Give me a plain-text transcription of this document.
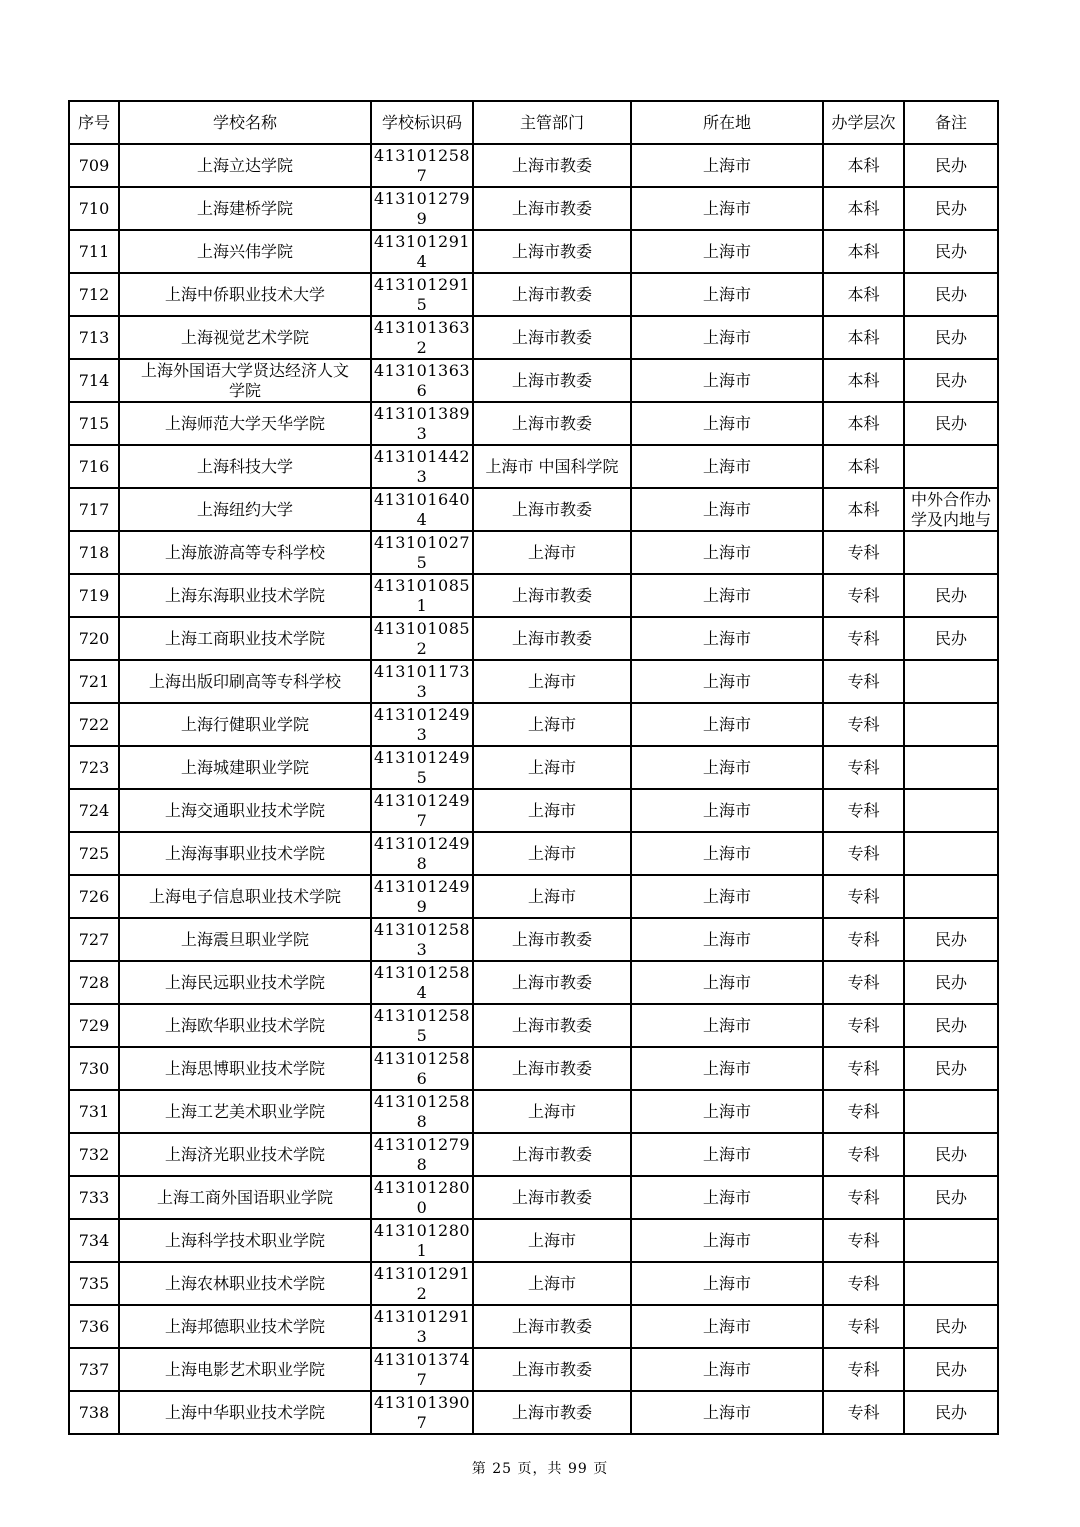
序号	学校名称	学校标识码	主管部门	所在地	办学层次	备注
709	上海立达学院	4131012587	上海市教委	上海市	本科	民办
710	上海建桥学院	4131012799	上海市教委	上海市	本科	民办
711	上海兴伟学院	4131012914	上海市教委	上海市	本科	民办
712	上海中侨职业技术大学	4131012915	上海市教委	上海市	本科	民办
713	上海视觉艺术学院	4131013632	上海市教委	上海市	本科	民办
714	上海外国语大学贤达经济人文学院	4131013636	上海市教委	上海市	本科	民办
715	上海师范大学天华学院	4131013893	上海市教委	上海市	本科	民办
716	上海科技大学	4131014423	上海市 中国科学院	上海市	本科	
717	上海纽约大学	4131016404	上海市教委	上海市	本科	中外合作办学及内地与
718	上海旅游高等专科学校	4131010275	上海市	上海市	专科	
719	上海东海职业技术学院	4131010851	上海市教委	上海市	专科	民办
720	上海工商职业技术学院	4131010852	上海市教委	上海市	专科	民办
721	上海出版印刷高等专科学校	4131011733	上海市	上海市	专科	
722	上海行健职业学院	4131012493	上海市	上海市	专科	
723	上海城建职业学院	4131012495	上海市	上海市	专科	
724	上海交通职业技术学院	4131012497	上海市	上海市	专科	
725	上海海事职业技术学院	4131012498	上海市	上海市	专科	
726	上海电子信息职业技术学院	4131012499	上海市	上海市	专科	
727	上海震旦职业学院	4131012583	上海市教委	上海市	专科	民办
728	上海民远职业技术学院	4131012584	上海市教委	上海市	专科	民办
729	上海欧华职业技术学院	4131012585	上海市教委	上海市	专科	民办
730	上海思博职业技术学院	4131012586	上海市教委	上海市	专科	民办
731	上海工艺美术职业学院	4131012588	上海市	上海市	专科	
732	上海济光职业技术学院	4131012798	上海市教委	上海市	专科	民办
733	上海工商外国语职业学院	4131012800	上海市教委	上海市	专科	民办
734	上海科学技术职业学院	4131012801	上海市	上海市	专科	
735	上海农林职业技术学院	4131012912	上海市	上海市	专科	
736	上海邦德职业技术学院	4131012913	上海市教委	上海市	专科	民办
737	上海电影艺术职业学院	4131013747	上海市教委	上海市	专科	民办
738	上海中华职业技术学院	4131013907	上海市教委	上海市	专科	民办
第 25 页，共 99 页
